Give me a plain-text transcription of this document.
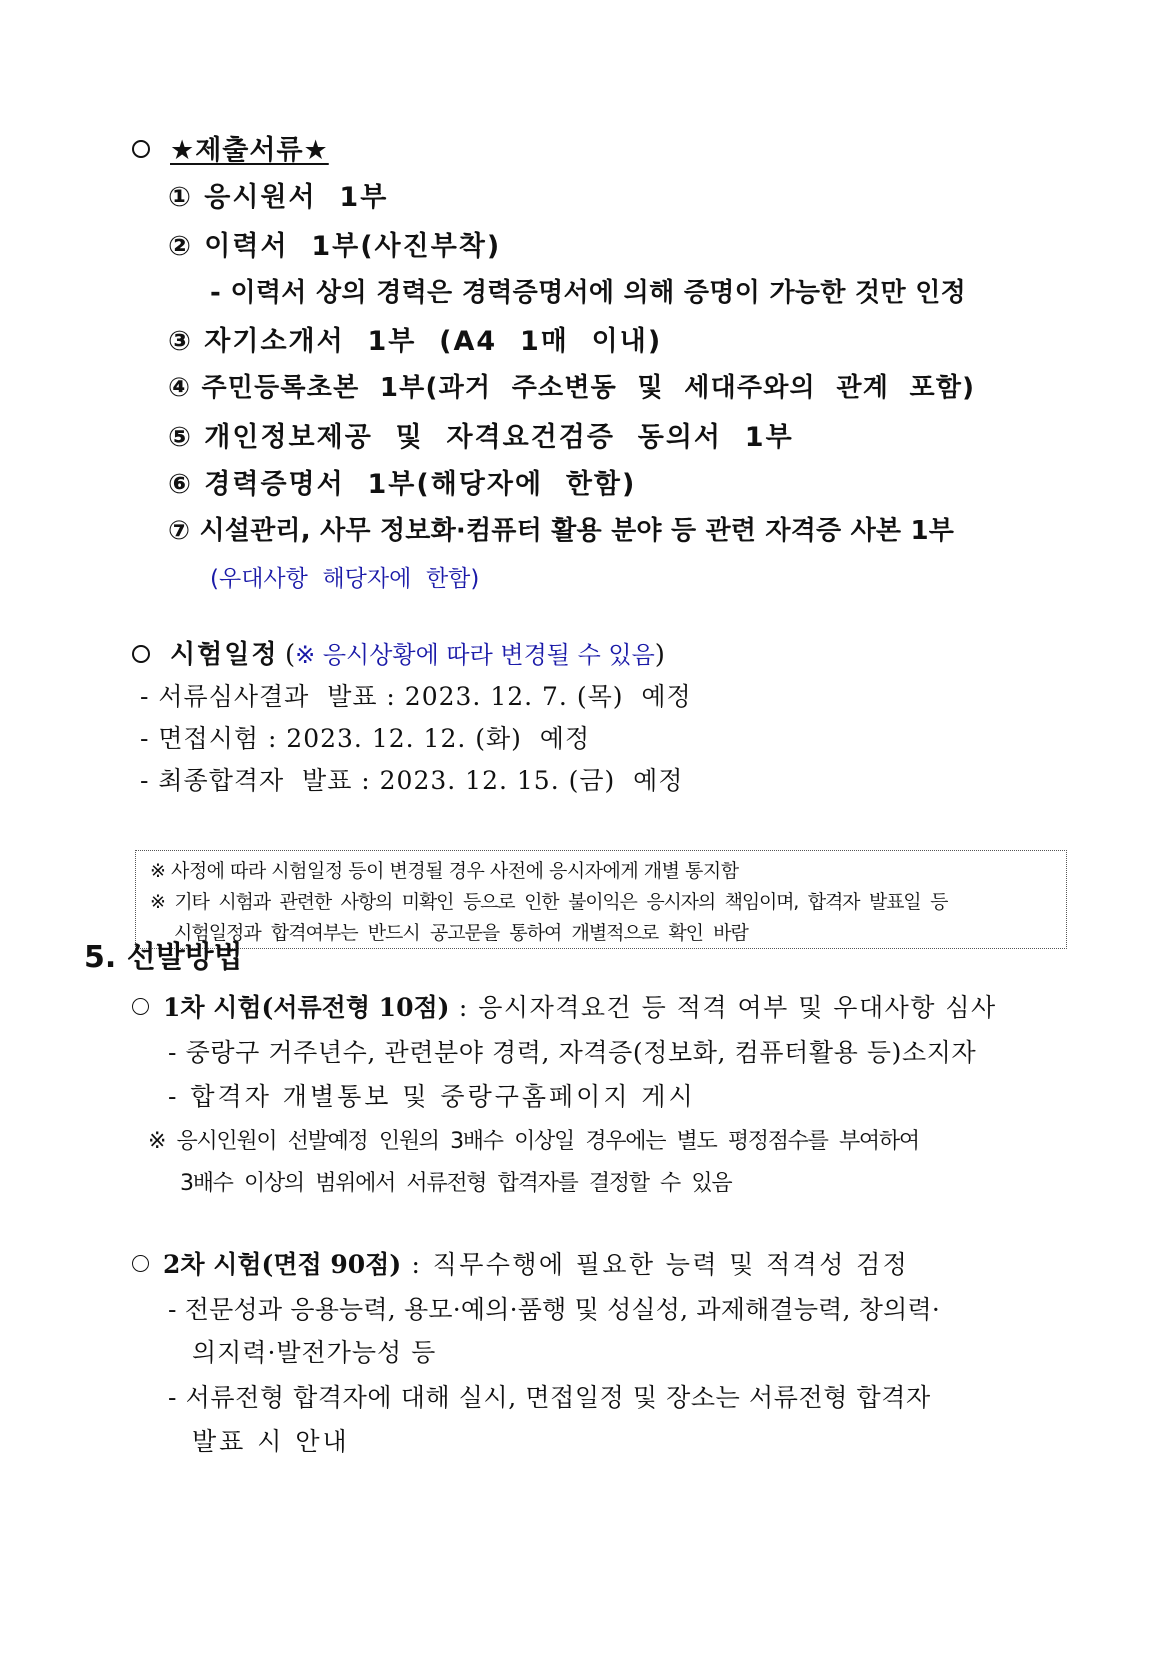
★제출서류★
① 응시원서  1부
② 이력서  1부(사진부착)
- 이력서 상의 경력은 경력증명서에 의해 증명이 가능한 것만 인정
③ 자기소개서  1부  (A4  1매  이내)
④ 주민등록초본  1부(과거  주소변동  및  세대주와의  관계  포함)
⑤ 개인정보제공  및  자격요건검증  동의서  1부
⑥ 경력증명서  1부(해당자에  한함)
⑦ 시설관리, 사무 정보화·컴퓨터 활용 분야 등 관련 자격증 사본 1부
(우대사항  해당자에  한함)
시험일정 (※ 응시상황에 따라 변경될 수 있음)
- 서류심사결과  발표 : 2023. 12. 7. (목)  예정
- 면접시험 : 2023. 12. 12. (화)  예정
- 최종합격자  발표 : 2023. 12. 15. (금)  예정
※ 사정에 따라 시험일정 등이 변경될 경우 사전에 응시자에게 개별 통지함
※  기타  시험과  관련한  사항의  미확인  등으로  인한  불이익은  응시자의  책임이며,  합격자  발표일  등
시험일정과  합격여부는  반드시  공고문을  통하여  개별적으로  확인  바람
5. 선발방법
1차 시험(서류전형 10점) : 응시자격요건 등 적격 여부 및 우대사항 심사
- 중랑구 거주년수, 관련분야 경력, 자격증(정보화, 컴퓨터활용 등)소지자
- 합격자 개별통보 및 중랑구홈페이지 게시
※  응시인원이  선발예정  인원의  3배수  이상일  경우에는  별도  평정점수를  부여하여
3배수  이상의  범위에서  서류전형  합격자를  결정할  수  있음
2차 시험(면접 90점) : 직무수행에 필요한 능력 및 적격성 검정
- 전문성과 응용능력, 용모·예의·품행 및 성실성, 과제해결능력, 창의력·
의지력·발전가능성 등
- 서류전형 합격자에 대해 실시, 면접일정 및 장소는 서류전형 합격자
발표 시 안내
